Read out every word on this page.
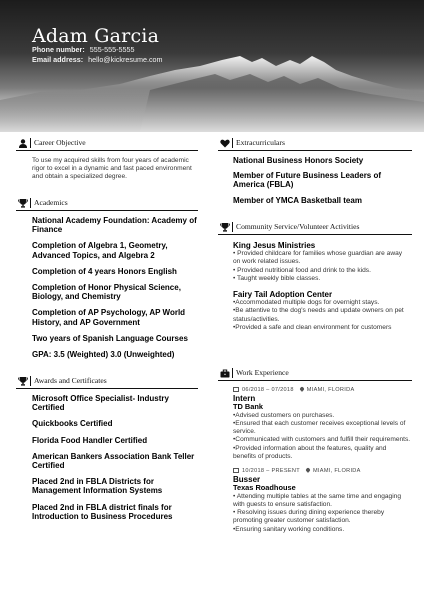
Adam Garcia
Phone number: 555-555-5555
Email address: hello@kickresume.com
Career Objective
To use my acquired skills from four years of academic rigor to excel in a dynamic and fast paced environment and obtain a specialized degree.
Academics
National Academy Foundation: Academy of Finance
Completion of Algebra 1, Geometry, Advanced Topics, and Algebra 2
Completion of 4 years Honors English
Completion of Honor Physical Science, Biology, and Chemistry
Completion of AP Psychology, AP World History, and AP Government
Two years of Spanish Language Courses
GPA: 3.5 (Weighted) 3.0 (Unweighted)
Awards and Certificates
Microsoft Office Specialist- Industry Certified
Quickbooks Certified
Florida Food Handler Certified
American Bankers Association Bank Teller Certified
Placed 2nd in FBLA Districts for Management Information Systems
Placed 2nd in FBLA district finals for Introduction to Business Procedures
Extracurriculars
National Business Honors Society
Member of Future Business Leaders of America (FBLA)
Member of YMCA Basketball team
Community Service/Volunteer Activities
King Jesus Ministries
• Provided childcare for families whose guardian are away on work related issues.
• Provided nutritional food and drink to the kids.
• Taught weekly bible classes.
Fairy Tail Adoption Center
•Accommodated multiple dogs for overnight stays.
•Be attentive to the dog's needs and update owners on pet status/activities.
•Provided a safe and clean environment for customers
Work Experience
06/2018 – 07/2018 MIAMI, FLORIDA
Intern
TD Bank
•Advised customers on purchases.
•Ensured that each customer receives exceptional levels of service.
•Communicated with customers and fulfill their requirements.
•Provided information about the features, quality and benefits of products.
10/2018 – PRESENT MIAMI, FLORIDA
Busser
Texas Roadhouse
• Attending multiple tables at the same time and engaging with guests to ensure satisfaction.
• Resolving issues during dining experience thereby promoting greater customer satisfaction.
•Ensuring sanitary working conditions.
